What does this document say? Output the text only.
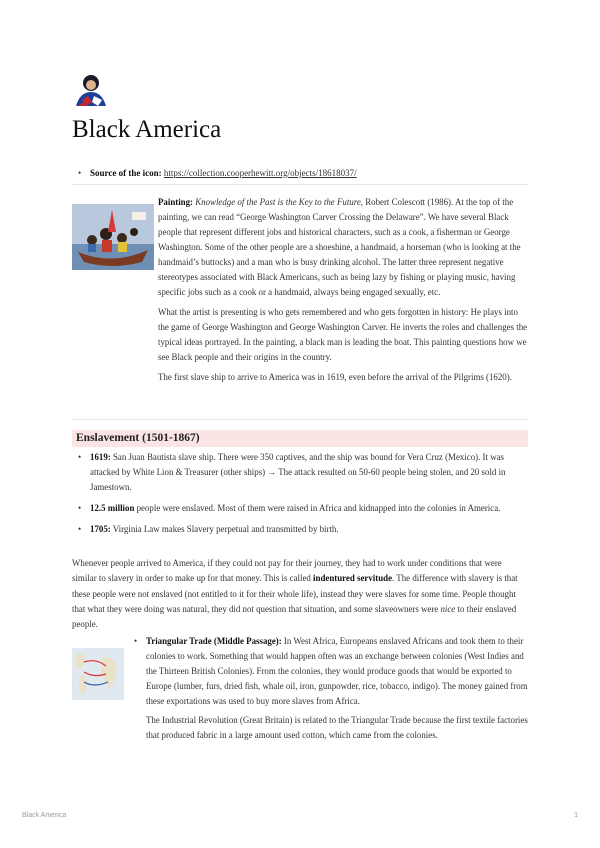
Black America
• Source of the icon: https://collection.cooperhewitt.org/objects/18618037/

Painting: Knowledge of the Past is the Key to the Future, Robert Colescott (1986). At the top of the painting, we can read “George Washington Carver Crossing the Delaware”. We have several Black people that represent different jobs and historical characters, such as a cook, a fisherman or George Washington. Some of the other people are a shoeshine, a handmaid, a horseman (who is looking at the handmaid’s buttocks) and a man who is busy drinking alcohol. The latter three represent negative stereotypes associated with Black Americans, such as being lazy by fishing or playing music, having specific jobs such as a cook or a handmaid, always being engaged sexually, etc.

What the artist is presenting is who gets remembered and who gets forgotten in history: He plays into the game of George Washington and George Washington Carver. He inverts the roles and challenges the typical ideas portrayed. In the painting, a black man is leading the boat. This painting questions how we see Black people and their origins in the country.

The first slave ship to arrive to America was in 1619, even before the arrival of the Pilgrims (1620).

Enslavement (1501-1867)
• 1619: San Juan Bautista slave ship. There were 350 captives, and the ship was bound for Vera Cruz (Mexico). It was attacked by White Lion & Treasurer (other ships) → The attack resulted on 50-60 people being stolen, and 20 sold in Jamestown.
• 12.5 million people were enslaved. Most of them were raised in Africa and kidnapped into the colonies in America.
• 1705: Virginia Law makes Slavery perpetual and transmitted by birth.

Whenever people arrived to America, if they could not pay for their journey, they had to work under conditions that were similar to slavery in order to make up for that money. This is called indentured servitude. The difference with slavery is that these people were not enslaved (not entitled to it for their whole life), instead they were slaves for some time. People thought that what they were doing was natural, they did not question that situation, and some slaveowners were nice to their enslaved people.

• Triangular Trade (Middle Passage): In West Africa, Europeans enslaved Africans and took them to their colonies to work. Something that would happen often was an exchange between colonies (West Indies and the Thirteen British Colonies). From the colonies, they would produce goods that would be exported to Europe (lumber, furs, dried fish, whale oil, iron, gunpowder, rice, tobacco, indigo). The money gained from these exportations was used to buy more slaves from Africa.

The Industrial Revolution (Great Britain) is related to the Triangular Trade because the first textile factories that produced fabric in a large amount used cotton, which came from the colonies.

Black America	1
